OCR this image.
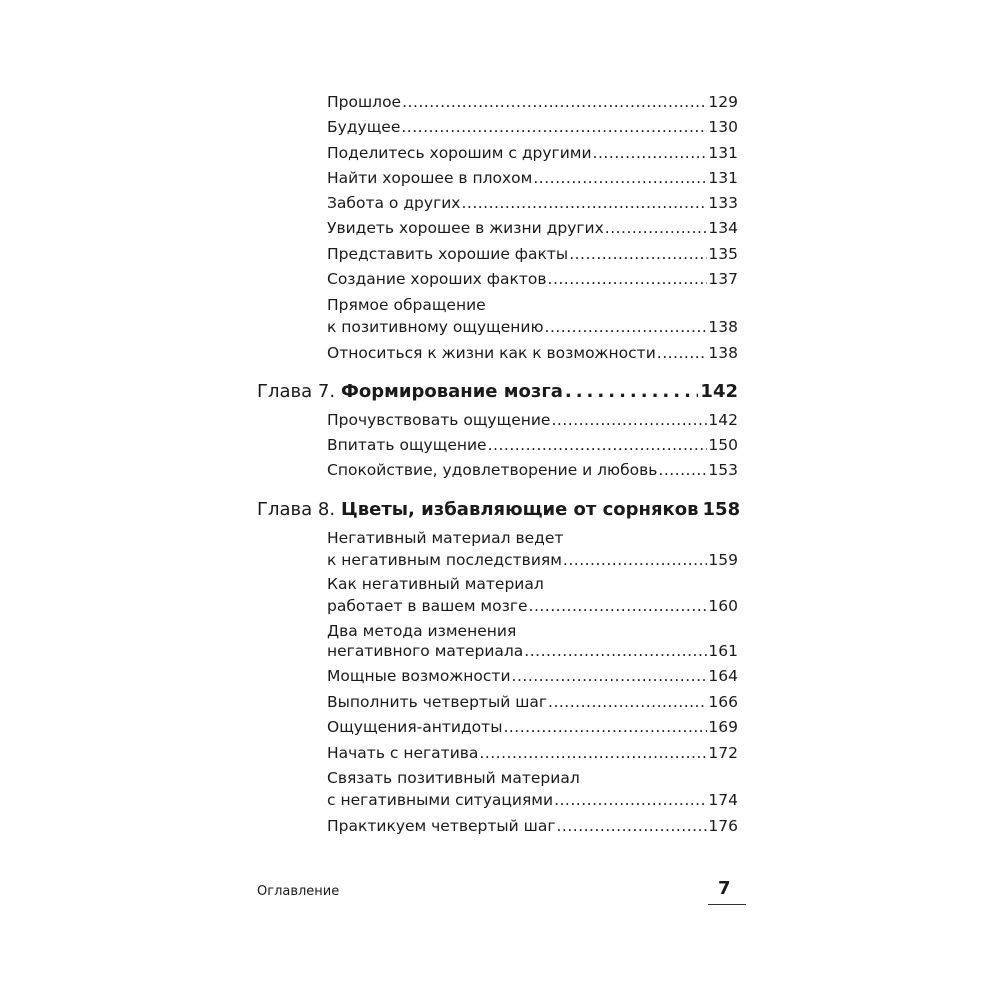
Прошлое .....	129
Будущее .....	130
Поделитесь хорошим с другими .....	131
Найти хорошее в плохом .....	131
Забота о других .....	133
Увидеть хорошее в жизни других .....	134
Представить хорошие факты .....	135
Создание хороших фактов .....	137
Прямое обращение
к позитивному ощущению .....	138
Относиться к жизни как к возможности .....	138
Глава 7. Формирование мозга .....	142
Прочувствовать ощущение .....	142
Впитать ощущение .....	150
Спокойствие, удовлетворение и любовь .....	153
Глава 8. Цветы, избавляющие от сорняков 158
Негативный материал ведет
к негативным последствиям .....	159
Как негативный материал
работает в вашем мозге .....	160
Два метода изменения
негативного материала .....	161
Мощные возможности .....	164
Выполнить четвертый шаг .....	166
Ощущения-антидоты .....	169
Начать с негатива .....	172
Связать позитивный материал
с негативными ситуациями .....	174
Практикуем четвертый шаг .....	176
Оглавление	7
